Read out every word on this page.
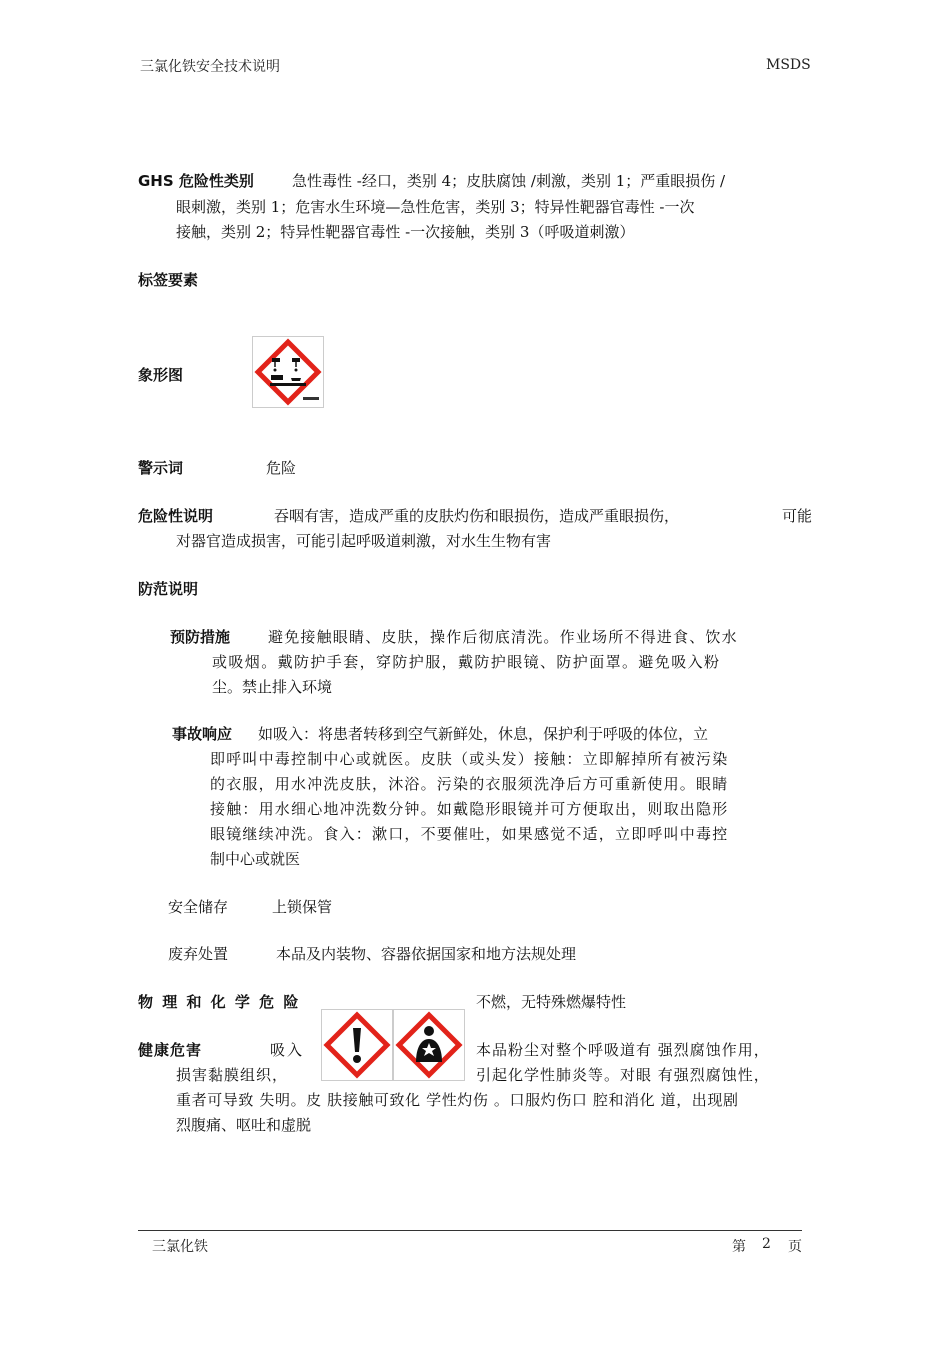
三氯化铁安全技术说明	MSDS
GHS 危险性类别	急性毒性 -经口，类别 4；皮肤腐蚀 /刺激，类别 1；严重眼损伤 /
眼刺激，类别 1；危害水生环境—急性危害，类别 3；特异性靶器官毒性 -一次
接触，类别 2；特异性靶器官毒性 -一次接触，类别 3（呼吸道刺激）
标签要素
象形图
警示词	危险
危险性说明	吞咽有害，造成严重的皮肤灼伤和眼损伤，造成严重眼损伤，	可能
对器官造成损害，可能引起呼吸道刺激，对水生生物有害
防范说明
预防措施	避免接触眼睛、皮肤，操作后彻底清洗。作业场所不得进食、饮水
或吸烟。戴防护手套，穿防护服，戴防护眼镜、防护面罩。避免吸入粉
尘。禁止排入环境
事故响应 如吸入：将患者转移到空气新鲜处，休息，保护利于呼吸的体位，立
即呼叫中毒控制中心或就医。皮肤（或头发）接触：立即解掉所有被污染
的衣服，用水冲洗皮肤，沐浴。污染的衣服须洗净后方可重新使用。眼睛
接触：用水细心地冲洗数分钟。如戴隐形眼镜并可方便取出，则取出隐形
眼镜继续冲洗。食入：漱口，不要催吐，如果感觉不适，立即呼叫中毒控
制中心或就医
安全储存	上锁保管
废弃处置	本品及内装物、容器依据国家和地方法规处理
物 理 和 化 学 危 险	不燃，无特殊燃爆特性
健康危害	吸入	本品粉尘对整个呼吸道有 强烈腐蚀作用，
损害黏膜组织，	引起化学性肺炎等。对眼 有强烈腐蚀性，
重者可导致 失明。皮 肤接触可致化 学性灼伤 。口服灼伤口 腔和消化 道，出现剧
烈腹痛、呕吐和虚脱
三氯化铁	第 2 页
